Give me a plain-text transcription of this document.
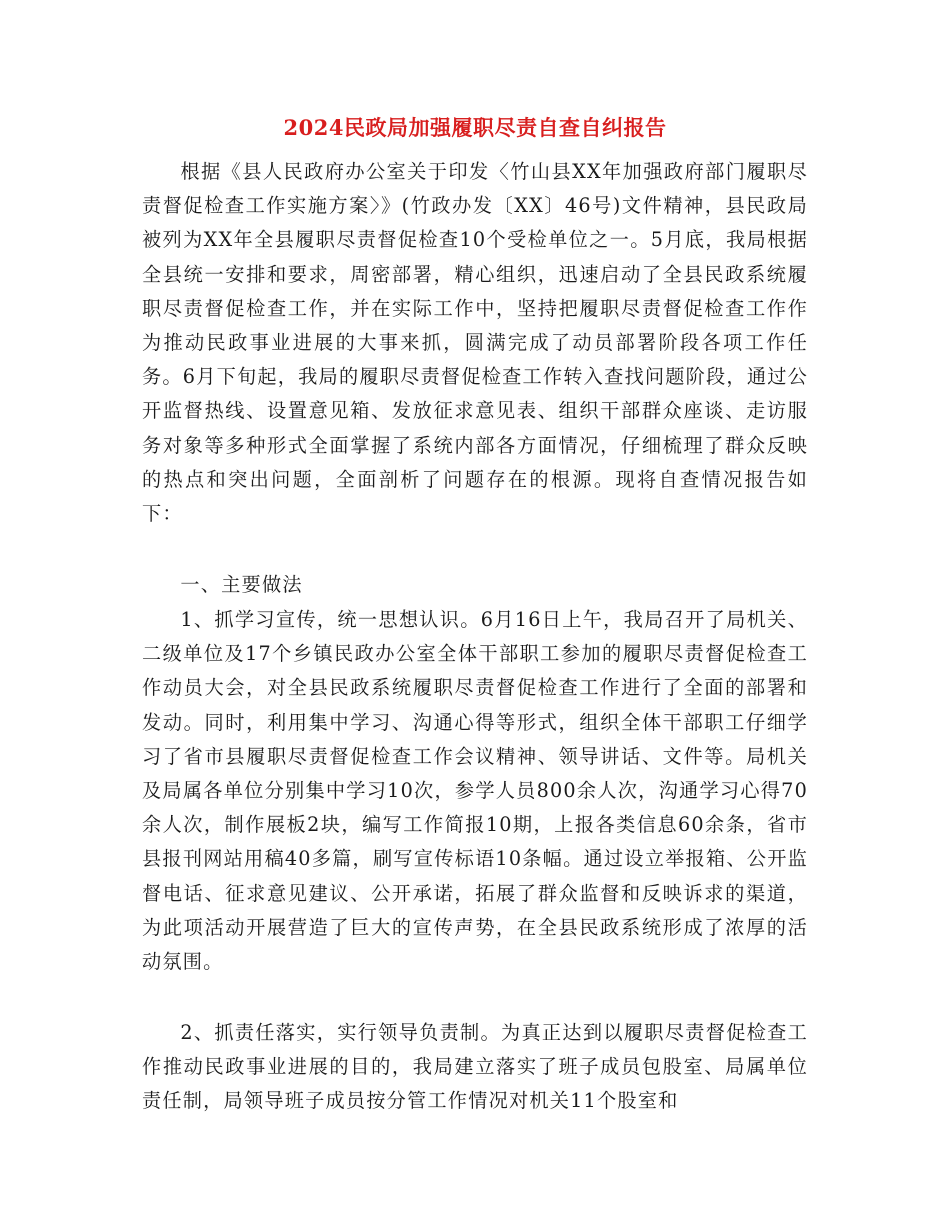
2024民政局加强履职尽责自查自纠报告

根据《县人民政府办公室关于印发〈竹山县XX年加强政府部门履职尽责督促检查工作实施方案〉》(竹政办发〔XX〕46号)文件精神，县民政局被列为XX年全县履职尽责督促检查10个受检单位之一。5月底，我局根据全县统一安排和要求，周密部署，精心组织，迅速启动了全县民政系统履职尽责督促检查工作，并在实际工作中，坚持把履职尽责督促检查工作作为推动民政事业进展的大事来抓，圆满完成了动员部署阶段各项工作任务。6月下旬起，我局的履职尽责督促检查工作转入查找问题阶段，通过公开监督热线、设置意见箱、发放征求意见表、组织干部群众座谈、走访服务对象等多种形式全面掌握了系统内部各方面情况，仔细梳理了群众反映的热点和突出问题，全面剖析了问题存在的根源。现将自查情况报告如下：

一、主要做法

1、抓学习宣传，统一思想认识。6月16日上午，我局召开了局机关、二级单位及17个乡镇民政办公室全体干部职工参加的履职尽责督促检查工作动员大会，对全县民政系统履职尽责督促检查工作进行了全面的部署和发动。同时，利用集中学习、沟通心得等形式，组织全体干部职工仔细学习了省市县履职尽责督促检查工作会议精神、领导讲话、文件等。局机关及局属各单位分别集中学习10次，参学人员800余人次，沟通学习心得70余人次，制作展板2块，编写工作简报10期，上报各类信息60余条，省市县报刊网站用稿40多篇，刷写宣传标语10条幅。通过设立举报箱、公开监督电话、征求意见建议、公开承诺，拓展了群众监督和反映诉求的渠道，为此项活动开展营造了巨大的宣传声势，在全县民政系统形成了浓厚的活动氛围。

2、抓责任落实，实行领导负责制。为真正达到以履职尽责督促检查工作推动民政事业进展的目的，我局建立落实了班子成员包股室、局属单位责任制，局领导班子成员按分管工作情况对机关11个股室和
